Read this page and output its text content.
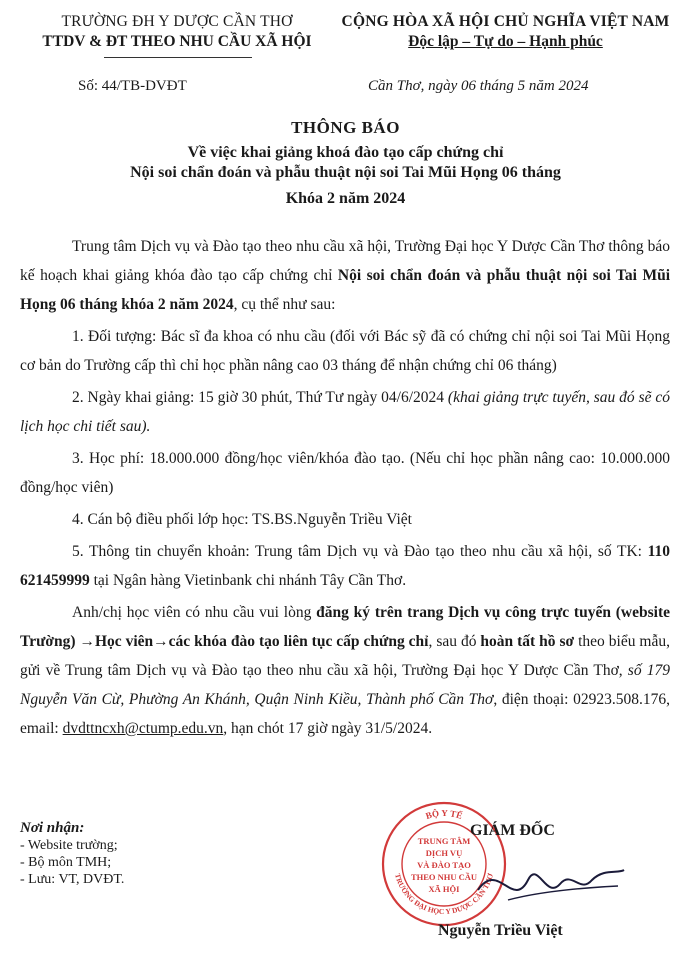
TRƯỜNG ĐH Y DƯỢC CẦN THƠ
TTDV & ĐT THEO NHU CẦU XÃ HỘI
CỘNG HÒA XÃ HỘI CHỦ NGHĨA VIỆT NAM
Độc lập – Tự do – Hạnh phúc
Số: 44/TB-DVĐT	Cần Thơ, ngày 06 tháng 5 năm 2024
THÔNG BÁO
Về việc khai giảng khoá đào tạo cấp chứng chỉ
Nội soi chẩn đoán và phẫu thuật nội soi Tai Mũi Họng 06 tháng
Khóa 2 năm 2024

Trung tâm Dịch vụ và Đào tạo theo nhu cầu xã hội, Trường Đại học Y Dược Cần Thơ thông báo kế hoạch khai giảng khóa đào tạo cấp chứng chỉ Nội soi chẩn đoán và phẫu thuật nội soi Tai Mũi Họng 06 tháng khóa 2 năm 2024, cụ thể như sau:

1. Đối tượng: Bác sĩ đa khoa có nhu cầu (đối với Bác sỹ đã có chứng chỉ nội soi Tai Mũi Họng cơ bản do Trường cấp thì chỉ học phần nâng cao 03 tháng để nhận chứng chỉ 06 tháng)

2. Ngày khai giảng: 15 giờ 30 phút, Thứ Tư ngày 04/6/2024 (khai giảng trực tuyến, sau đó sẽ có lịch học chi tiết sau).

3. Học phí: 18.000.000 đồng/học viên/khóa đào tạo. (Nếu chỉ học phần nâng cao: 10.000.000 đồng/học viên)

4. Cán bộ điều phối lớp học: TS.BS.Nguyễn Triều Việt

5. Thông tin chuyển khoản: Trung tâm Dịch vụ và Đào tạo theo nhu cầu xã hội, số TK: 110 621459999 tại Ngân hàng Vietinbank chi nhánh Tây Cần Thơ.

Anh/chị học viên có nhu cầu vui lòng đăng ký trên trang Dịch vụ công trực tuyến (website Trường) →Học viên→các khóa đào tạo liên tục cấp chứng chỉ, sau đó hoàn tất hồ sơ theo biểu mẫu, gửi về Trung tâm Dịch vụ và Đào tạo theo nhu cầu xã hội, Trường Đại học Y Dược Cần Thơ, số 179 Nguyễn Văn Cừ, Phường An Khánh, Quận Ninh Kiều, Thành phố Cần Thơ, điện thoại: 02923.508.176, email: dvdttncxh@ctump.edu.vn, hạn chót 17 giờ ngày 31/5/2024.

Nơi nhận:
- Website trường;
- Bộ môn TMH;
- Lưu: VT, DVĐT.
BỘ Y TẾ
TRƯỜNG ĐẠI HỌC Y DƯỢC CẦN THƠ
TRUNG TÂM
DỊCH VỤ
VÀ ĐÀO TẠO
THEO NHU CẦU
XÃ HỘI
GIÁM ĐỐC
Nguyễn Triều Việt
